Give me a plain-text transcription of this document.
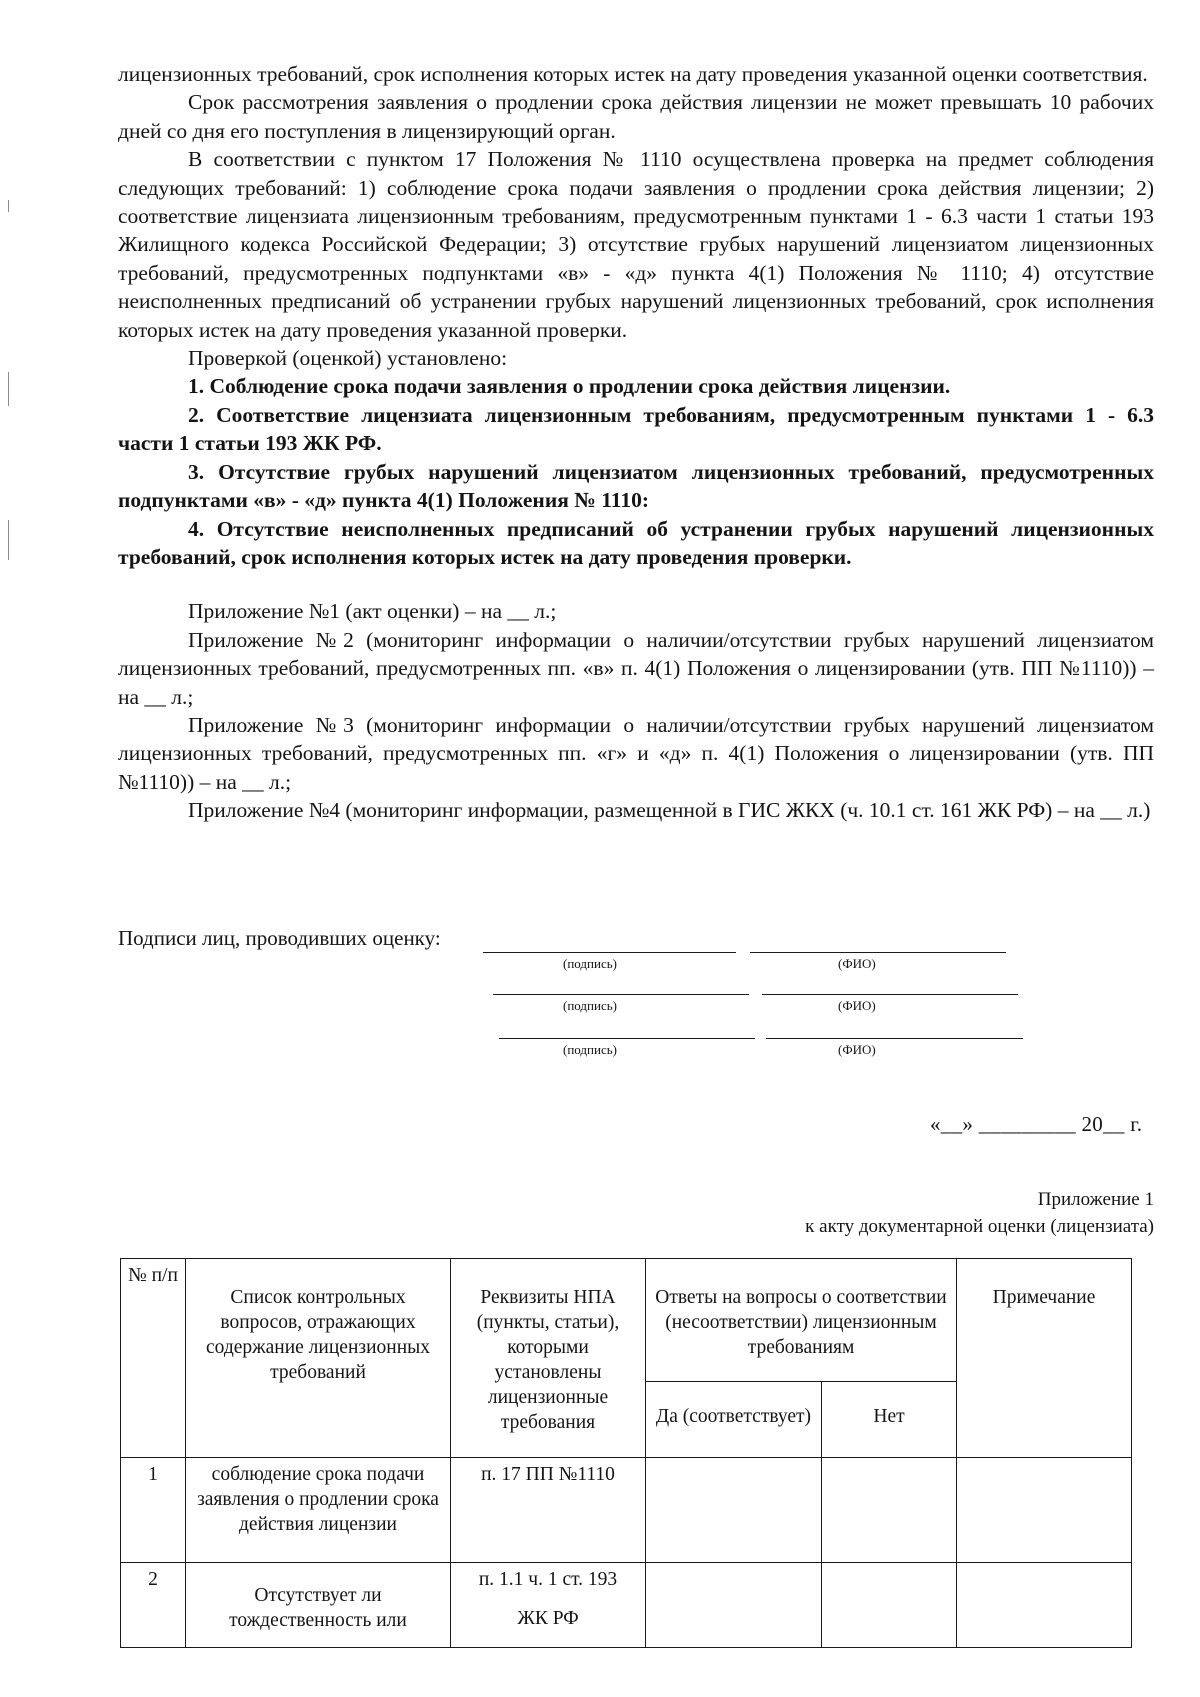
лицензионных требований, срок исполнения которых истек на дату проведения указанной оценки соответствия.

Срок рассмотрения заявления о продлении срока действия лицензии не может превышать 10 рабочих дней со дня его поступления в лицензирующий орган.

В соответствии с пунктом 17 Положения № 1110 осуществлена проверка на предмет соблюдения следующих требований: 1) соблюдение срока подачи заявления о продлении срока действия лицензии; 2) соответствие лицензиата лицензионным требованиям, предусмотренным пунктами 1 - 6.3 части 1 статьи 193 Жилищного кодекса Российской Федерации; 3) отсутствие грубых нарушений лицензиатом лицензионных требований, предусмотренных подпунктами «в» - «д» пункта 4(1) Положения № 1110; 4) отсутствие неисполненных предписаний об устранении грубых нарушений лицензионных требований, срок исполнения которых истек на дату проведения указанной проверки.

Проверкой (оценкой) установлено:

1. Соблюдение срока подачи заявления о продлении срока действия лицензии.

2. Соответствие лицензиата лицензионным требованиям, предусмотренным пунктами 1 - 6.3 части 1 статьи 193 ЖК РФ.

3. Отсутствие грубых нарушений лицензиатом лицензионных требований, предусмотренных подпунктами «в» - «д» пункта 4(1) Положения № 1110:

4. Отсутствие неисполненных предписаний об устранении грубых нарушений лицензионных требований, срок исполнения которых истек на дату проведения проверки.

Приложение №1 (акт оценки) – на __ л.;

Приложение №2 (мониторинг информации о наличии/отсутствии грубых нарушений лицензиатом лицензионных требований, предусмотренных пп. «в» п. 4(1) Положения о лицензировании (утв. ПП №1110)) – на __ л.;

Приложение №3 (мониторинг информации о наличии/отсутствии грубых нарушений лицензиатом лицензионных требований, предусмотренных пп. «г» и «д» п. 4(1) Положения о лицензировании (утв. ПП №1110)) – на __ л.;

Приложение №4 (мониторинг информации, размещенной в ГИС ЖКХ (ч. 10.1 ст. 161 ЖК РФ) – на __ л.)

Подписи лиц, проводивших оценку:
(подпись)	(ФИО)
(подпись)	(ФИО)
(подпись)	(ФИО)
«__» _________ 20__ г.
Приложение 1
к акту документарной оценки (лицензиата)
№ п/п	Список контрольных вопросов, отражающих содержание лицензионных требований	Реквизиты НПА (пункты, статьи), которыми установлены лицензионные требования	Ответы на вопросы о соответствии (несоответствии) лицензионным требованиям		Примечание
			Да (соответствует)	Нет	
1	соблюдение срока подачи заявления о продлении срока действия лицензии	п. 17 ПП №1110			
2	Отсутствует ли тождественность или	п. 1.1 ч. 1 ст. 193
ЖК РФ			
